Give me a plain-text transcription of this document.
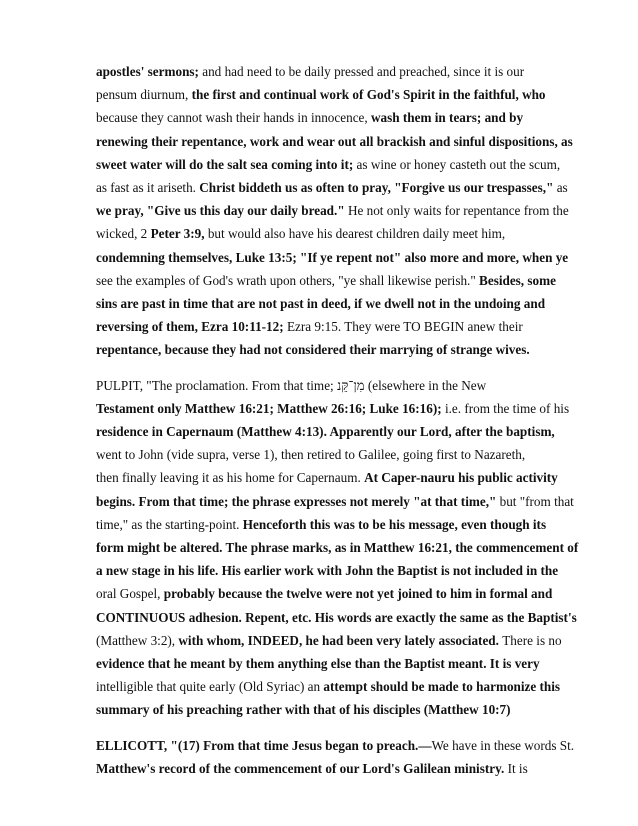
apostles' sermons; and had need to be daily pressed and preached, since it is our
pensum diurnum, the first and continual work of God's Spirit in the faithful, who
because they cannot wash their hands in innocence, wash them in tears; and by
renewing their repentance, work and wear out all brackish and sinful dispositions, as
sweet water will do the salt sea coming into it; as wine or honey casteth out the scum,
as fast as it ariseth. Christ biddeth us as often to pray, "Forgive us our trespasses," as
we pray, "Give us this day our daily bread." He not only waits for repentance from the
wicked, 2 Peter 3:9, but would also have his dearest children daily meet him,
condemning themselves, Luke 13:5; "If ye repent not" also more and more, when ye
see the examples of God's wrath upon others, "ye shall likewise perish." Besides, some
sins are past in time that are not past in deed, if we dwell not in the undoing and
reversing of them, Ezra 10:11-12; Ezra 9:15. They were TO BEGIN anew their
repentance, because they had not considered their marrying of strange wives.
PULPIT, "The proclamation. From that time; מִן־קֵּנ (elsewhere in the New
Testament only Matthew 16:21; Matthew 26:16; Luke 16:16); i.e. from the time of his
residence in Capernaum (Matthew 4:13). Apparently our Lord, after the baptism,
went to John (vide supra, verse 1), then retired to Galilee, going first to Nazareth,
then finally leaving it as his home for Capernaum. At Caper-nauru his public activity
begins. From that time; the phrase expresses not merely "at that time," but "from that
time," as the starting-point. Henceforth this was to be his message, even though its
form might be altered. The phrase marks, as in Matthew 16:21, the commencement of
a new stage in his life. His earlier work with John the Baptist is not included in the
oral Gospel, probably because the twelve were not yet joined to him in formal and
CONTINUOUS adhesion. Repent, etc. His words are exactly the same as the Baptist's
(Matthew 3:2), with whom, INDEED, he had been very lately associated. There is no
evidence that he meant by them anything else than the Baptist meant. It is very
intelligible that quite early (Old Syriac) an attempt should be made to harmonize this
summary of his preaching rather with that of his disciples (Matthew 10:7)
ELLICOTT, "(17) From that time Jesus began to preach.—We have in these words St.
Matthew's record of the commencement of our Lord's Galilean ministry. It is
